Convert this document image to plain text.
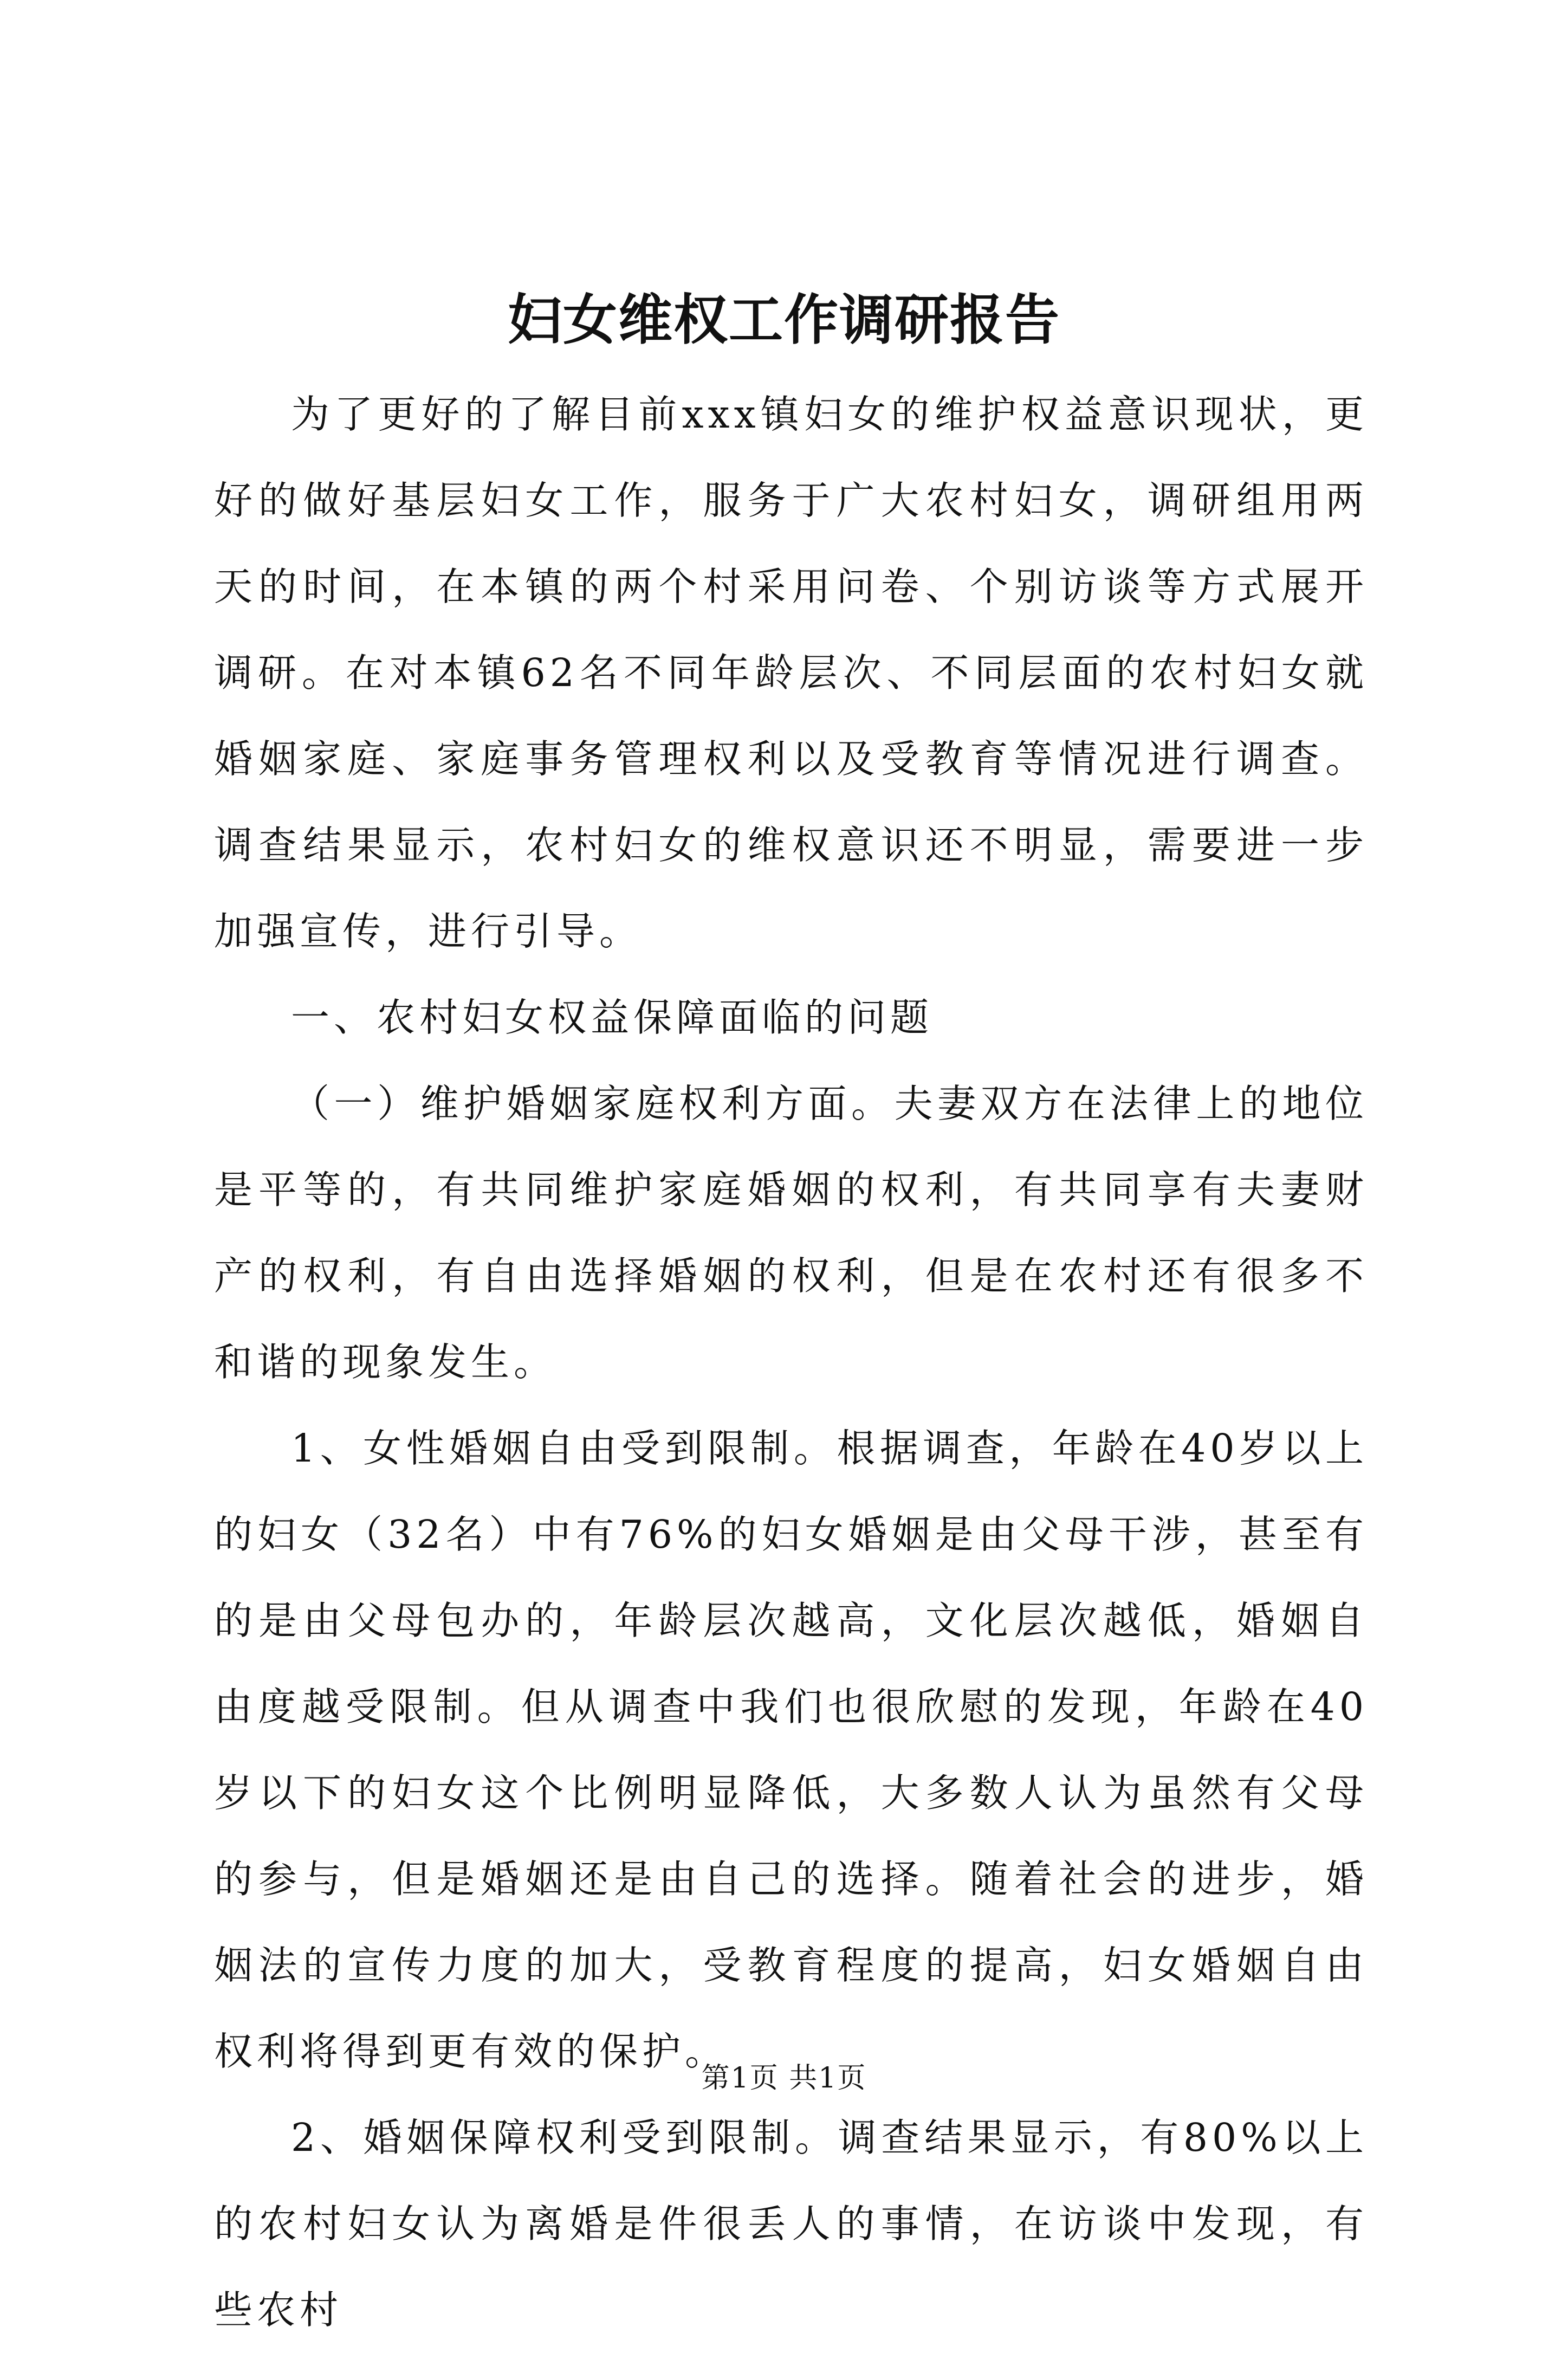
妇女维权工作调研报告

为了更好的了解目前xxx镇妇女的维护权益意识现状，更好的做好基层妇女工作，服务于广大农村妇女，调研组用两天的时间，在本镇的两个村采用问卷、个别访谈等方式展开调研。在对本镇62名不同年龄层次、不同层面的农村妇女就婚姻家庭、家庭事务管理权利以及受教育等情况进行调查。调查结果显示，农村妇女的维权意识还不明显，需要进一步加强宣传，进行引导。

一、农村妇女权益保障面临的问题

（一）维护婚姻家庭权利方面。夫妻双方在法律上的地位是平等的，有共同维护家庭婚姻的权利，有共同享有夫妻财产的权利，有自由选择婚姻的权利，但是在农村还有很多不和谐的现象发生。

1、女性婚姻自由受到限制。根据调查，年龄在40岁以上的妇女（32名）中有76%的妇女婚姻是由父母干涉，甚至有的是由父母包办的，年龄层次越高，文化层次越低，婚姻自由度越受限制。但从调查中我们也很欣慰的发现，年龄在40岁以下的妇女这个比例明显降低，大多数人认为虽然有父母的参与，但是婚姻还是由自己的选择。随着社会的进步，婚姻法的宣传力度的加大，受教育程度的提高，妇女婚姻自由权利将得到更有效的保护。

2、婚姻保障权利受到限制。调查结果显示，有80%以上的农村妇女认为离婚是件很丢人的事情，在访谈中发现，有些农村

第1页 共1页
